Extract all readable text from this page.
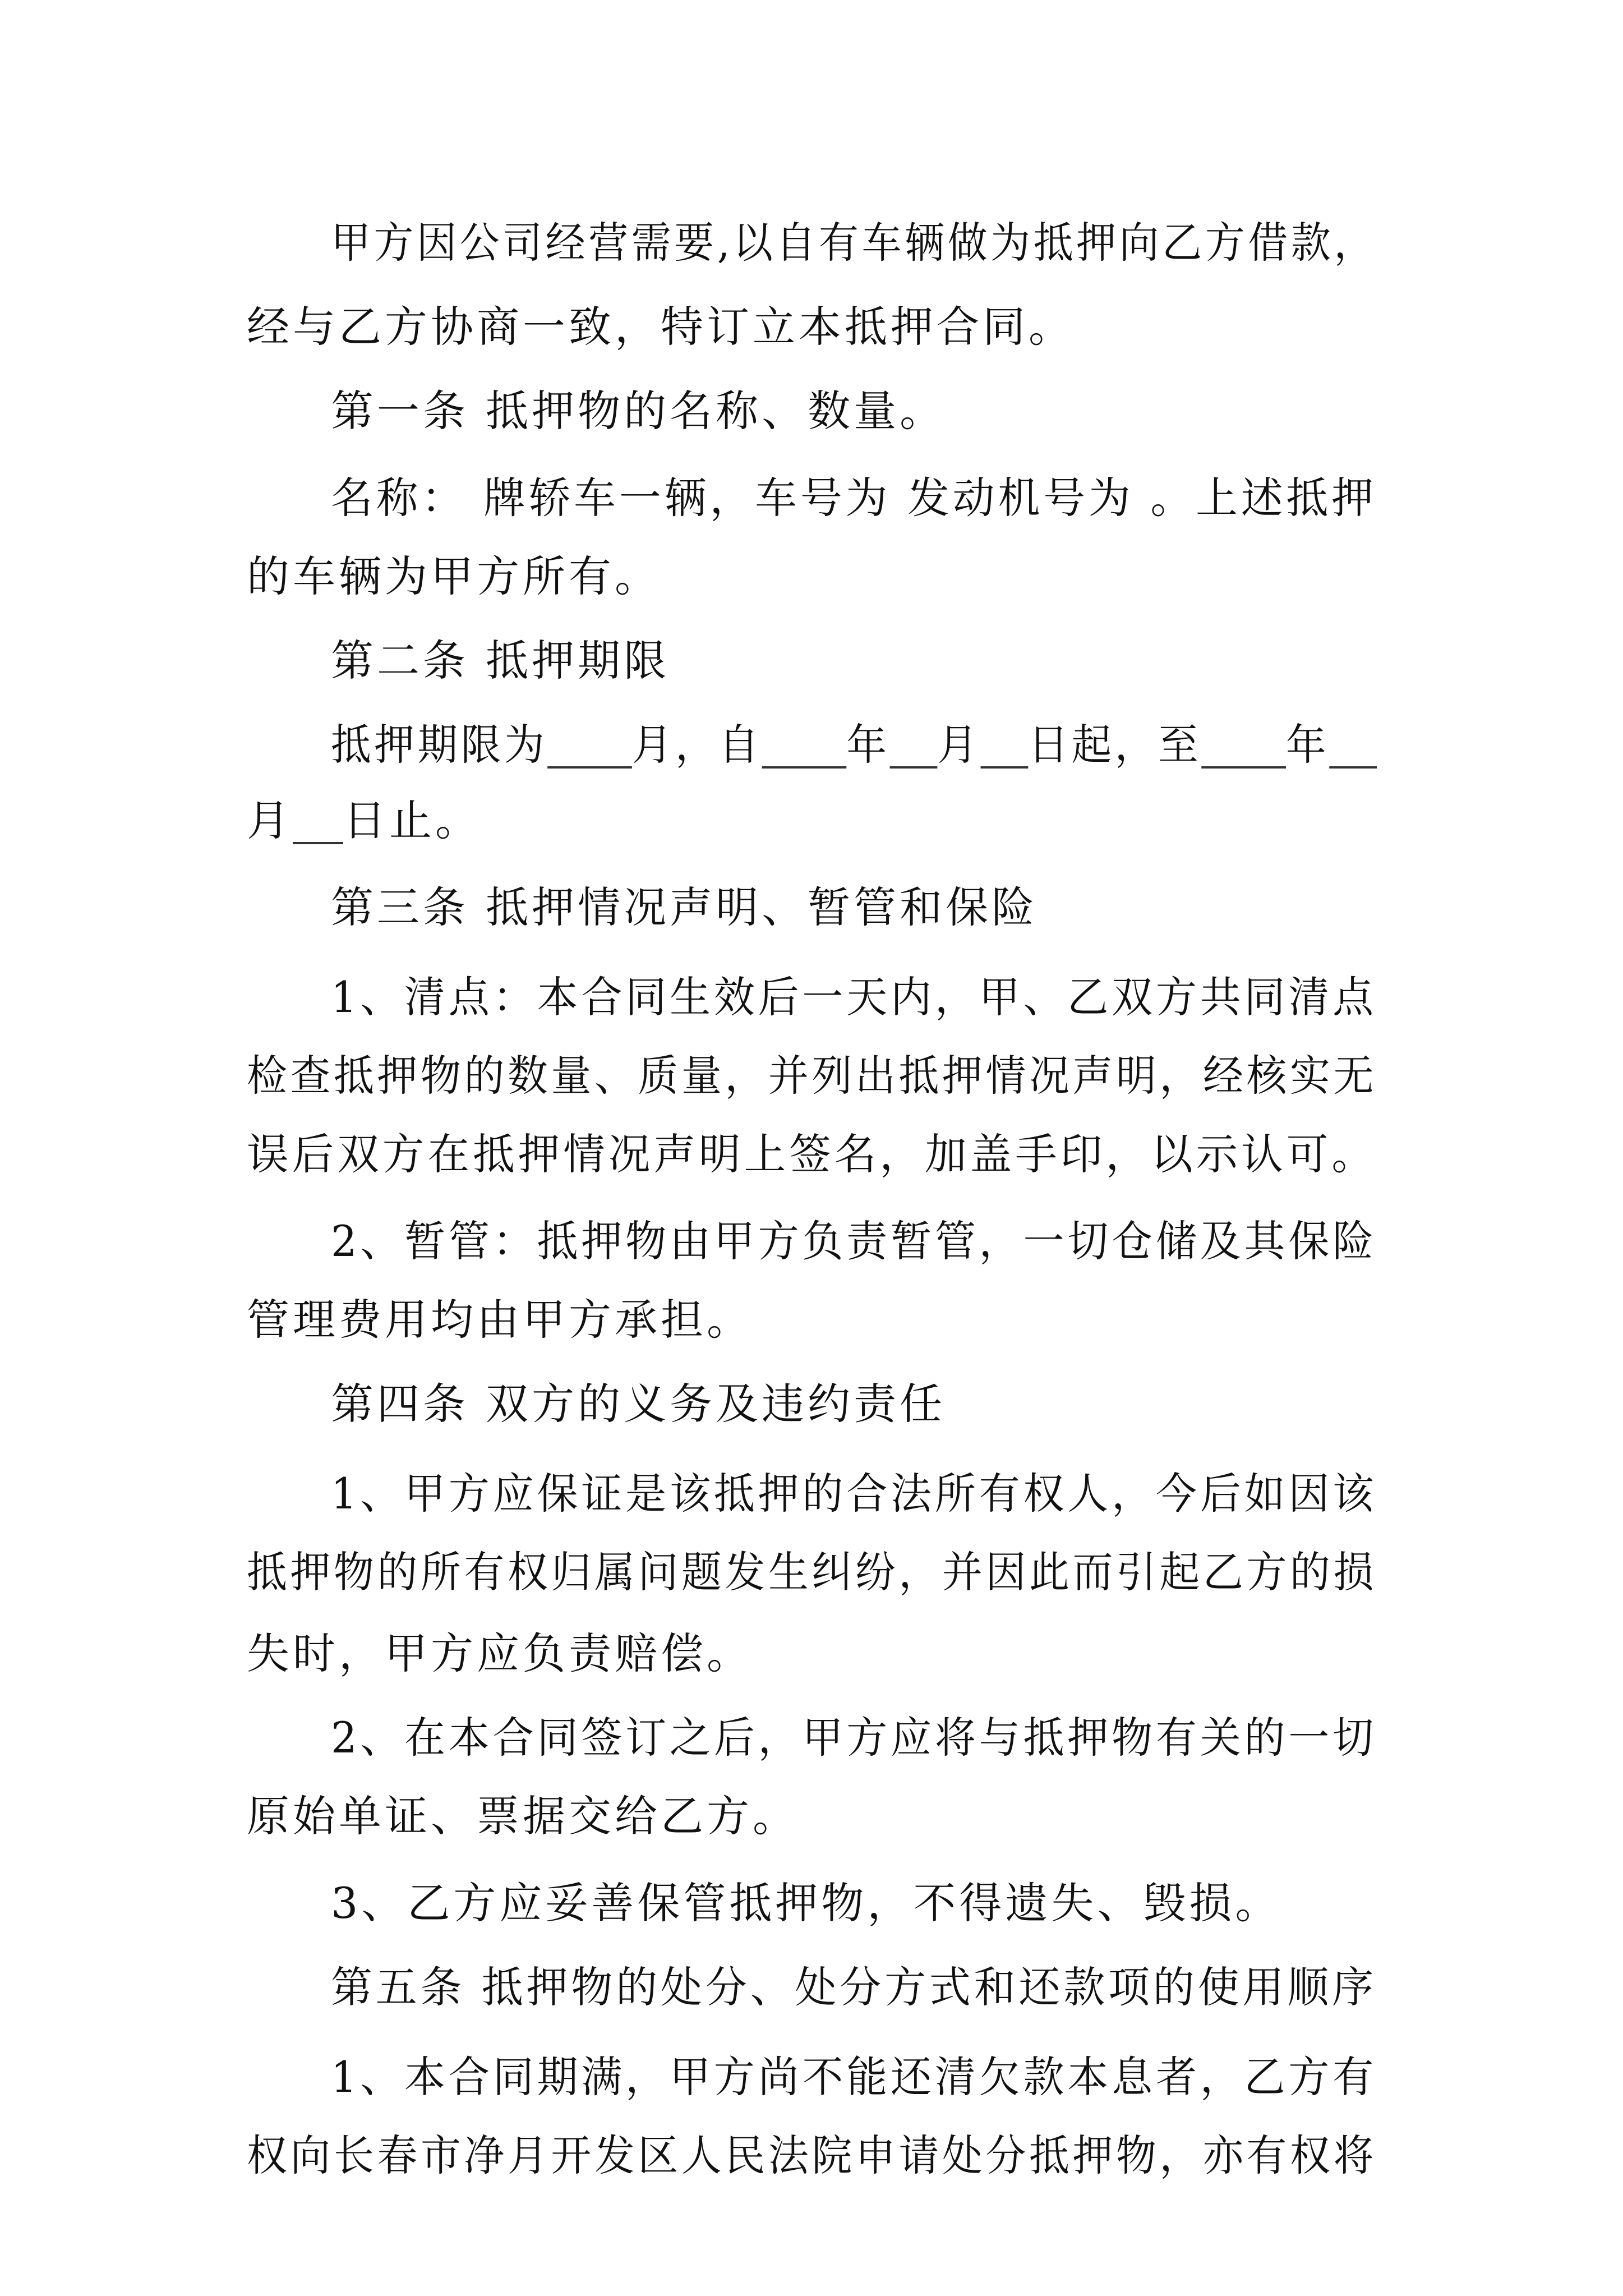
甲方因公司经营需要,以自有车辆做为抵押向乙方借款，
经与乙方协商一致，特订立本抵押合同。
第一条 抵押物的名称、数量。
名称： 牌轿车一辆，车号为 发动机号为 。上述抵押
的车辆为甲方所有。
第二条 抵押期限
抵押期限为 月，自 年 月 日起，至 年
月 日止。
第三条 抵押情况声明、暂管和保险
1、清点：本合同生效后一天内，甲、乙双方共同清点
检查抵押物的数量、质量，并列出抵押情况声明，经核实无
误后双方在抵押情况声明上签名，加盖手印，以示认可。
2、暂管：抵押物由甲方负责暂管，一切仓储及其保险
管理费用均由甲方承担。
第四条 双方的义务及违约责任
1、甲方应保证是该抵押的合法所有权人，今后如因该
抵押物的所有权归属问题发生纠纷，并因此而引起乙方的损
失时，甲方应负责赔偿。
2、在本合同签订之后，甲方应将与抵押物有关的一切
原始单证、票据交给乙方。
3、乙方应妥善保管抵押物，不得遗失、毁损。
第五条 抵押物的处分、处分方式和还款项的使用顺序
1、本合同期满，甲方尚不能还清欠款本息者，乙方有
权向长春市净月开发区人民法院申请处分抵押物，亦有权将
